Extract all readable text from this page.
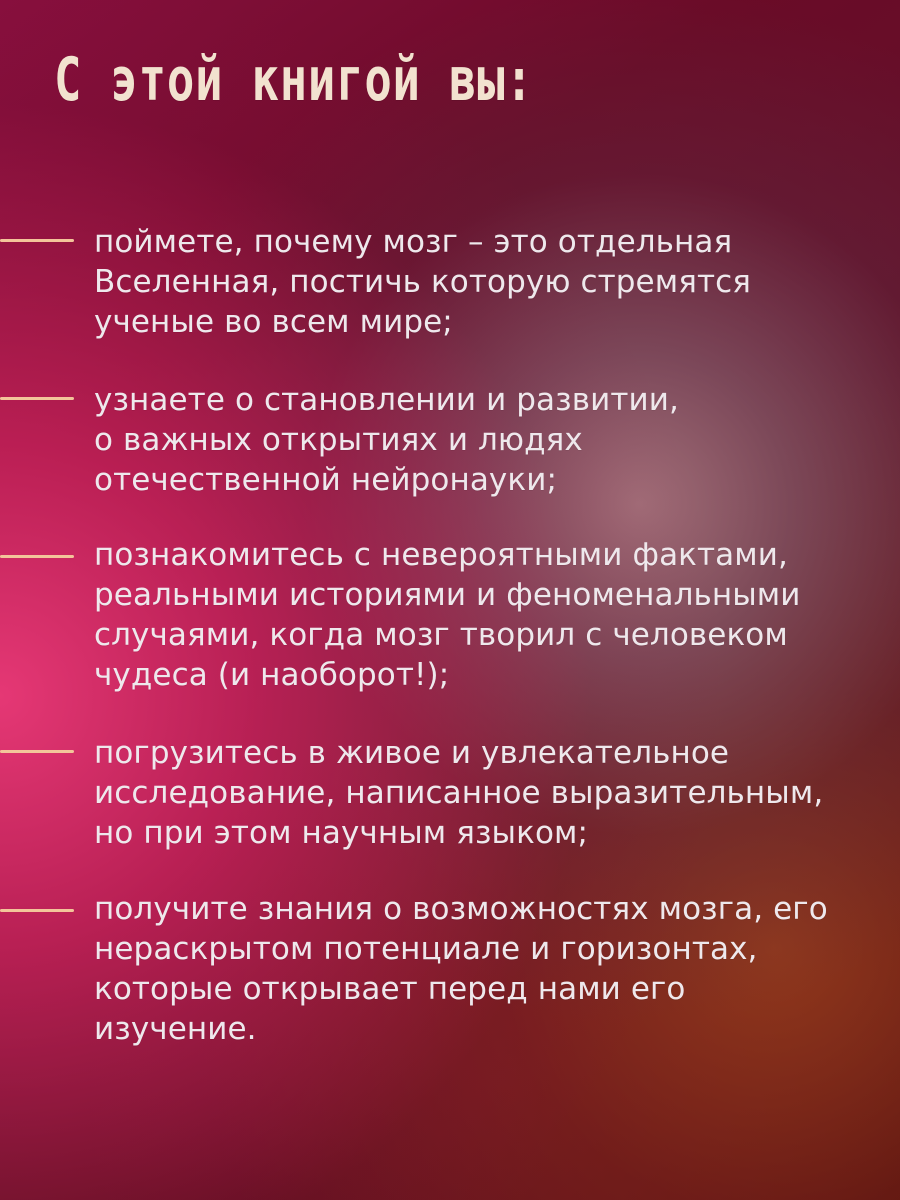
С этой книгой вы:

поймете, почему мозг – это отдельная
Вселенная, постичь которую стремятся
ученые во всем мире;

узнаете о становлении и развитии,
о важных открытиях и людях
отечественной нейронауки;

познакомитесь с невероятными фактами,
реальными историями и феноменальными
случаями, когда мозг творил с человеком
чудеса (и наоборот!);

погрузитесь в живое и увлекательное
исследование, написанное выразительным,
но при этом научным языком;

получите знания о возможностях мозга, его
нераскрытом потенциале и горизонтах,
которые открывает перед нами его
изучение.
